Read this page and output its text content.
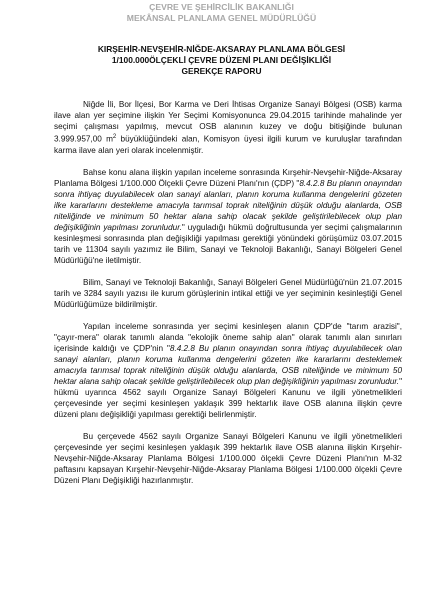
ÇEVRE VE ŞEHİRCİLİK BAKANLIĞI
MEKÂNSAL PLANLAMA GENEL MÜDÜRLÜĞÜ
KIRŞEHİR-NEVŞEHİR-NİĞDE-AKSARAY PLANLAMA BÖLGESİ
1/100.000ÖLÇEKLİ ÇEVRE DÜZENİ PLANI DEĞİŞİKLİĞİ
GEREKÇE RAPORU

Niğde İli, Bor İlçesi, Bor Karma ve Deri İhtisas Organize Sanayi Bölgesi (OSB) karma ilave alan yer seçimine ilişkin Yer Seçimi Komisyonunca 29.04.2015 tarihinde mahalinde yer seçimi çalışması yapılmış, mevcut OSB alanının kuzey ve doğu bitişiğinde bulunan 3.999.957,00 $m^2$ büyüklüğündeki alan, Komisyon üyesi ilgili kurum ve kuruluşlar tarafından karma ilave alan yeri olarak incelenmiştir.

Bahse konu alana ilişkin yapılan inceleme sonrasında Kırşehir-Nevşehir-Niğde-Aksaray Planlama Bölgesi 1/100.000 Ölçekli Çevre Düzeni Planı'nın (ÇDP) "8.4.2.8 Bu planın onayından sonra ihtiyaç duyulabilecek olan sanayi alanları, planın koruma kullanma dengelerini gözeten ilke kararlarını destekleme amacıyla tarımsal toprak niteliğinin düşük olduğu alanlarda, OSB niteliğinde ve minimum 50 hektar alana sahip olacak şekilde geliştirilebilecek olup plan değişikliğinin yapılması zorunludur." uyguladığı hükmü doğrultusunda yer seçimi çalışmalarının kesinleşmesi sonrasında plan değişikliği yapılması gerektiği yönündeki görüşümüz 03.07.2015 tarih ve 11304 sayılı yazımız ile Bilim, Sanayi ve Teknoloji Bakanlığı, Sanayi Bölgeleri Genel Müdürlüğü'ne iletilmiştir.

Bilim, Sanayi ve Teknoloji Bakanlığı, Sanayi Bölgeleri Genel Müdürlüğü'nün 21.07.2015 tarih ve 3284 sayılı yazısı ile kurum görüşlerinin intikal ettiği ve yer seçiminin kesinleştiği Genel Müdürlüğümüze bildirilmiştir.

Yapılan inceleme sonrasında yer seçimi kesinleşen alanın ÇDP'de "tarım arazisi", "çayır-mera" olarak tanımlı alanda "ekolojik öneme sahip alan" olarak tanımlı alan sınırları içerisinde kaldığı ve ÇDP'nin "8.4.2.8 Bu planın onayından sonra ihtiyaç duyulabilecek olan sanayi alanları, planın koruma kullanma dengelerini gözeten ilke kararlarını desteklemek amacıyla tarımsal toprak niteliğinin düşük olduğu alanlarda, OSB niteliğinde ve minimum 50 hektar alana sahip olacak şekilde geliştirilebilecek olup plan değişikliğinin yapılması zorunludur." hükmü uyarınca 4562 sayılı Organize Sanayi Bölgeleri Kanunu ve ilgili yönetmelikleri çerçevesinde yer seçimi kesinleşen yaklaşık 399 hektarlık ilave OSB alanına ilişkin çevre düzeni planı değişikliği yapılması gerektiği belirlenmiştir.

Bu çerçevede 4562 sayılı Organize Sanayi Bölgeleri Kanunu ve ilgili yönetmelikleri çerçevesinde yer seçimi kesinleşen yaklaşık 399 hektarlık ilave OSB alanına ilişkin Kırşehir-Nevşehir-Niğde-Aksaray Planlama Bölgesi 1/100.000 ölçekli Çevre Düzeni Planı'nın M-32 paftasını kapsayan Kırşehir-Nevşehir-Niğde-Aksaray Planlama Bölgesi 1/100.000 ölçekli Çevre Düzeni Planı Değişikliği hazırlanmıştır.
